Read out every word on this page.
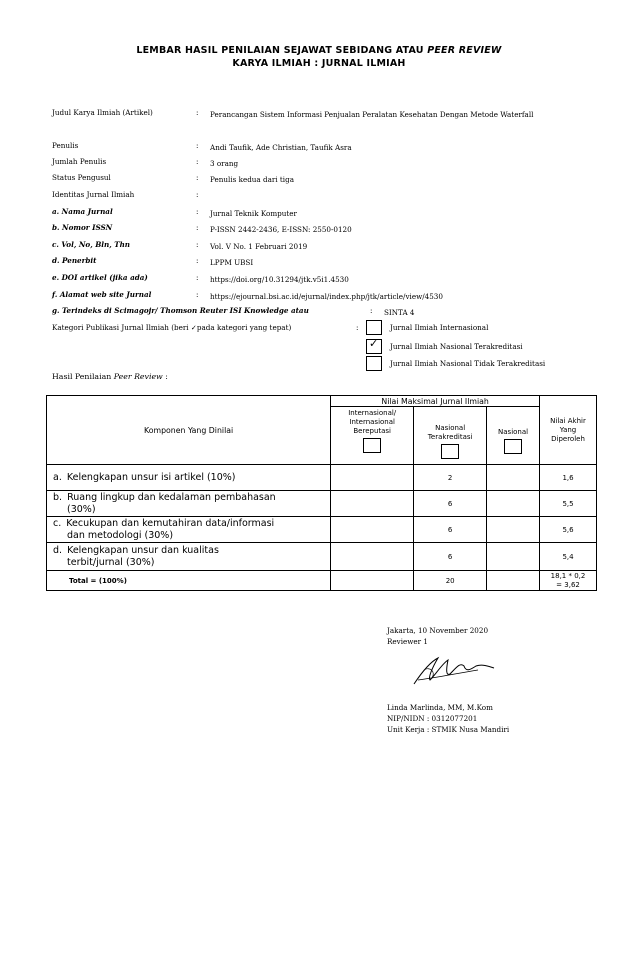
LEMBAR HASIL PENILAIAN SEJAWAT SEBIDANG ATAU PEER REVIEW
KARYA ILMIAH : JURNAL ILMIAH
Judul Karya Ilmiah (Artikel)	: Perancangan Sistem Informasi Penjualan Peralatan Kesehatan Dengan Metode Waterfall
Penulis	: Andi Taufik, Ade Christian, Taufik Asra
Jumlah Penulis	: 3 orang
Status Pengusul	: Penulis kedua dari tiga
Identitas Jurnal Ilmiah	:
a. Nama Jurnal	: Jurnal Teknik Komputer
b. Nomor ISSN	: P-ISSN 2442-2436, E-ISSN: 2550-0120
c. Vol, No, Bln, Thn	: Vol. V No. 1 Februari 2019
d. Penerbit	: LPPM UBSI
e. DOI artikel (jika ada)	: https://doi.org/10.31294/jtk.v5i1.4530
f. Alamat web site Jurnal	: https://ejournal.bsi.ac.id/ejurnal/index.php/jtk/article/view/4530
g. Terindeks di Scimagojr/ Thomson Reuter ISI Knowledge atau	: SINTA 4
Kategori Publikasi Jurnal Ilmiah (beri ✓pada kategori yang tepat)	:	Jurnal Ilmiah Internasional
✓ Jurnal Ilmiah Nasional Terakreditasi
Jurnal Ilmiah Nasional Tidak Terakreditasi
Hasil Penilaian Peer Review :
Komponen Yang Dinilai	Nilai Maksimal Jurnal Ilmiah			Nilai Akhir Yang Diperoleh
	Internasional/ Internasional Bereputasi	Nasional Terakreditasi	Nasional	

a. Kelengkapan unsur isi artikel (10%)		2		1,6
b. Ruang lingkup dan kedalaman pembahasan
(30%)		6		5,5
c. Kecukupan dan kemutahiran data/informasi
dan metodologi (30%)		6		5,6
d. Kelengkapan unsur dan kualitas
terbit/jurnal (30%)		6		5,4
Total = (100%)		20		18,1 * 0,2
= 3,62
Jakarta, 10 November 2020
Reviewer 1
Linda Marlinda, MM, M.Kom
NIP/NIDN : 0312077201
Unit Kerja : STMIK Nusa Mandiri
